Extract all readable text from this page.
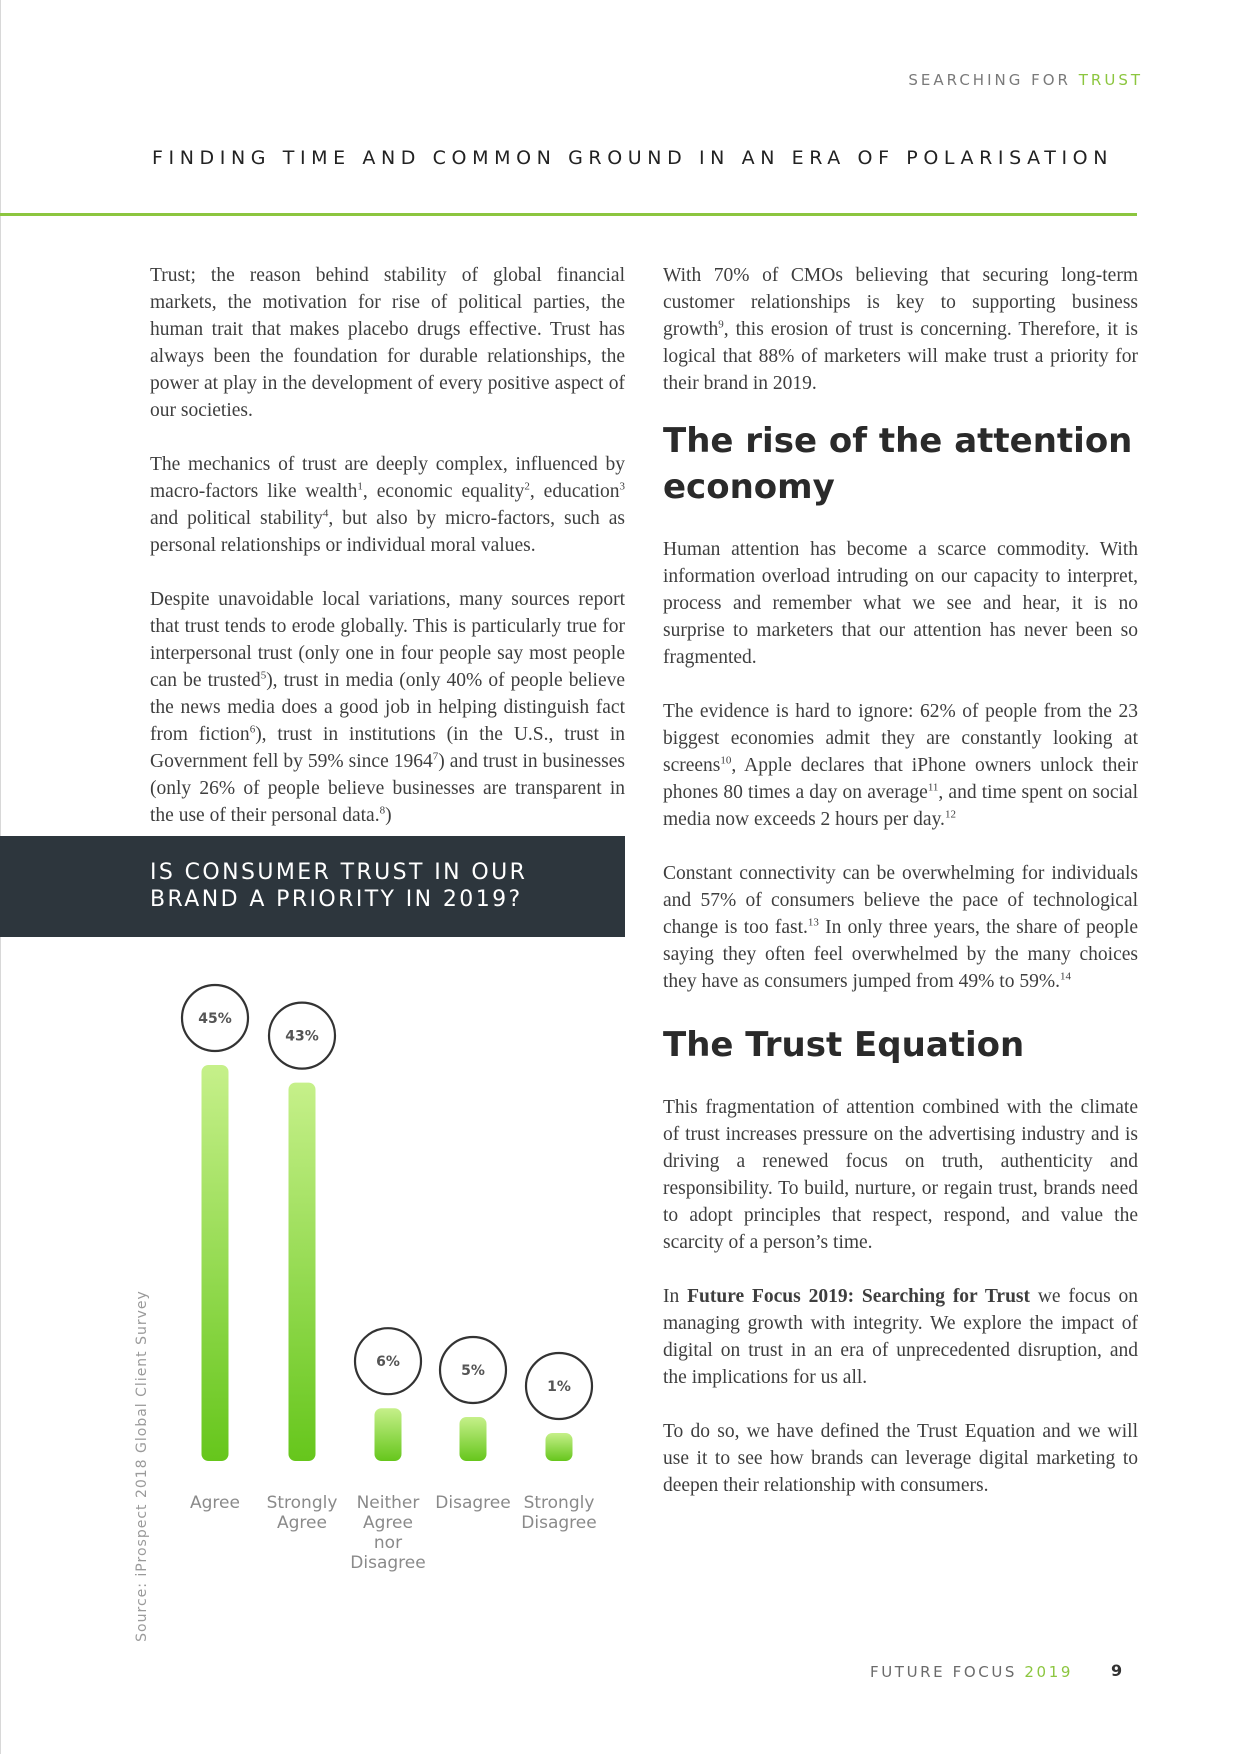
SEARCHING FOR TRUST
FINDING TIME AND COMMON GROUND IN AN ERA OF POLARISATION

Trust; the reason behind stability of global financial markets, the motivation for rise of political parties, the human trait that makes placebo drugs effective. Trust has always been the foundation for durable relationships, the power at play in the development of every positive aspect of our societies.

The mechanics of trust are deeply complex, influenced by macro-factors like wealth$^1$, economic equality$^2$, education$^3$ and political stability$^4$, but also by micro-factors, such as personal relationships or individual moral values.

Despite unavoidable local variations, many sources report that trust tends to erode globally. This is particularly true for interpersonal trust (only one in four people say most people can be trusted$^5$), trust in media (only 40% of people believe the news media does a good job in helping distinguish fact from fiction$^6$), trust in institutions (in the U.S., trust in Government fell by 59% since 1964$^7$) and trust in businesses (only 26% of people believe businesses are transparent in the use of their personal data.$^8$)

IS CONSUMER TRUST IN OUR
BRAND A PRIORITY IN 2019?
45%
Agree
43%
Strongly
Agree
6%
Neither
Agree
nor
Disagree
5%
Disagree
1%
Strongly
Disagree
Source: iProspect 2018 Global Client Survey

With 70% of CMOs believing that securing long-term customer relationships is key to supporting business growth$^9$, this erosion of trust is concerning. Therefore, it is logical that 88% of marketers will make trust a priority for their brand in 2019.

The rise of the attention economy

Human attention has become a scarce commodity. With information overload intruding on our capacity to interpret, process and remember what we see and hear, it is no surprise to marketers that our attention has never been so fragmented.

The evidence is hard to ignore: 62% of people from the 23 biggest economies admit they are constantly looking at screens$^{10}$, Apple declares that iPhone owners unlock their phones 80 times a day on average$^{11}$, and time spent on social media now exceeds 2 hours per day.$^{12}$

Constant connectivity can be overwhelming for individuals and 57% of consumers believe the pace of technological change is too fast.$^{13}$ In only three years, the share of people saying they often feel overwhelmed by the many choices they have as consumers jumped from 49% to 59%.$^{14}$

The Trust Equation

This fragmentation of attention combined with the climate of trust increases pressure on the advertising industry and is driving a renewed focus on truth, authenticity and responsibility. To build, nurture, or regain trust, brands need to adopt principles that respect, respond, and value the scarcity of a person’s time.

In Future Focus 2019: Searching for Trust we focus on managing growth with integrity. We explore the impact of digital on trust in an era of unprecedented disruption, and the implications for us all.

To do so, we have defined the Trust Equation and we will use it to see how brands can leverage digital marketing to deepen their relationship with consumers.

FUTURE FOCUS 2019 9
